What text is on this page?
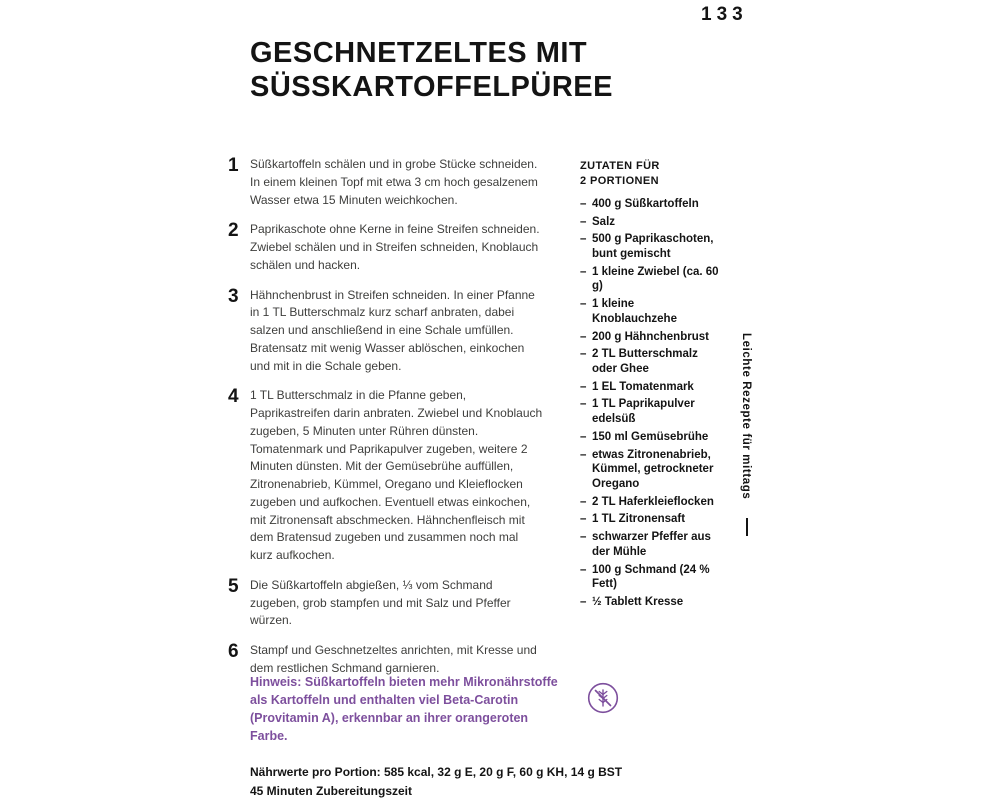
133
GESCHNETZELTES MIT
SÜSSKARTOFFELPÜREE
1 Süßkartoffeln schälen und in grobe Stücke schneiden. In einem kleinen Topf mit etwa 3 cm hoch gesalzenem Wasser etwa 15 Minuten weichkochen.
2 Paprikaschote ohne Kerne in feine Streifen schneiden. Zwiebel schälen und in Streifen schneiden, Knoblauch schälen und hacken.
3 Hähnchenbrust in Streifen schneiden. In einer Pfanne in 1 TL Butterschmalz kurz scharf anbraten, dabei salzen und anschließend in eine Schale umfüllen. Bratensatz mit wenig Wasser ablöschen, einkochen und mit in die Schale geben.
4 1 TL Butterschmalz in die Pfanne geben, Paprikastreifen darin anbraten. Zwiebel und Knoblauch zugeben, 5 Minuten unter Rühren dünsten. Tomatenmark und Paprikapulver zugeben, weitere 2 Minuten dünsten. Mit der Gemüsebrühe auffüllen, Zitronenabrieb, Kümmel, Oregano und Kleieflocken zugeben und aufkochen. Eventuell etwas einkochen, mit Zitronensaft abschmecken. Hähnchenfleisch mit dem Bratensud zugeben und zusammen noch mal kurz aufkochen.
5 Die Süßkartoffeln abgießen, ⅓ vom Schmand zugeben, grob stampfen und mit Salz und Pfeffer würzen.
6 Stampf und Geschnetzeltes anrichten, mit Kresse und dem restlichen Schmand garnieren.
ZUTATEN FÜR
2 PORTIONEN
– 400 g Süßkartoffeln
– Salz
– 500 g Paprikaschoten, bunt gemischt
– 1 kleine Zwiebel (ca. 60 g)
– 1 kleine Knoblauchzehe
– 200 g Hähnchenbrust
– 2 TL Butterschmalz oder Ghee
– 1 EL Tomatenmark
– 1 TL Paprikapulver edelsüß
– 150 ml Gemüsebrühe
– etwas Zitronenabrieb, Kümmel, getrockneter Oregano
– 2 TL Haferkleieflocken
– 1 TL Zitronensaft
– schwarzer Pfeffer aus der Mühle
– 100 g Schmand (24 % Fett)
– ½ Tablett Kresse
Leichte Rezepte für mittags

Hinweis: Süßkartoffeln bieten mehr Mikronährstoffe als Kartoffeln und enthalten viel Beta-Carotin (Provitamin A), erkennbar an ihrer orangeroten Farbe.

Nährwerte pro Portion: 585 kcal, 32 g E, 20 g F, 60 g KH, 14 g BST
45 Minuten Zubereitungszeit
